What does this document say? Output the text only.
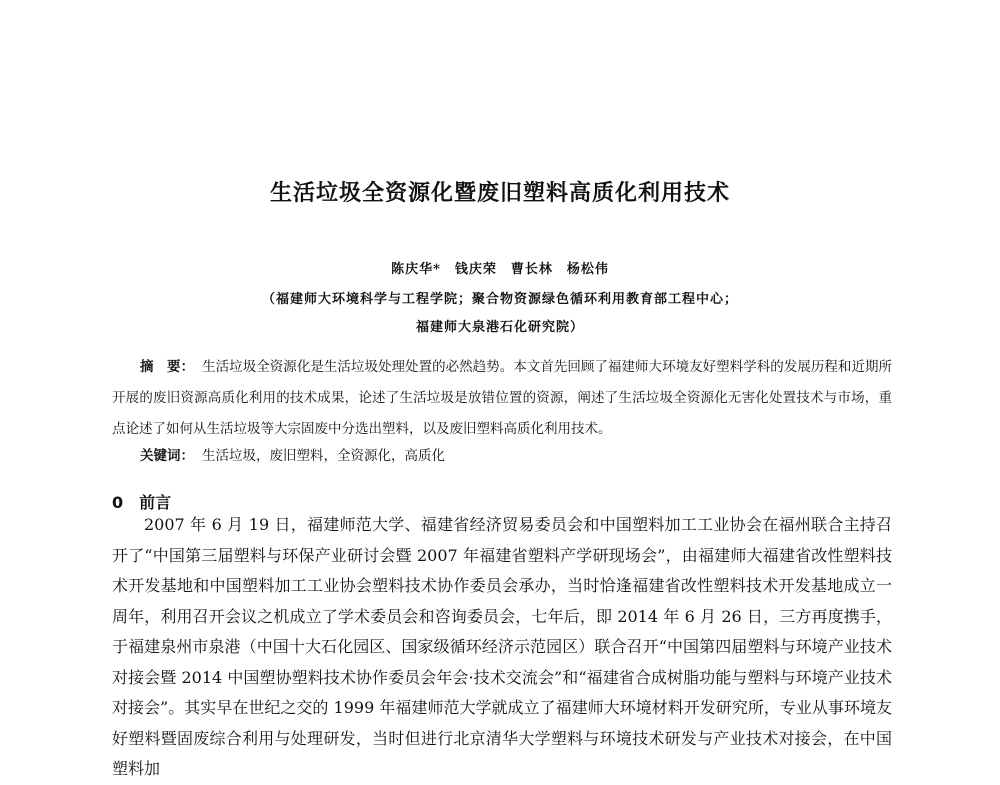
生活垃圾全资源化暨废旧塑料高质化利用技术
陈庆华*　钱庆荣　曹长林　杨松伟
（福建师大环境科学与工程学院；聚合物资源绿色循环利用教育部工程中心；
福建师大泉港石化研究院）
摘　要： 生活垃圾全资源化是生活垃圾处理处置的必然趋势。本文首先回顾了福建师大环境友好塑料学科的发展历程和近期所开展的废旧资源高质化利用的技术成果，论述了生活垃圾是放错位置的资源，阐述了生活垃圾全资源化无害化处置技术与市场，重点论述了如何从生活垃圾等大宗固废中分选出塑料，以及废旧塑料高质化利用技术。
关键词： 生活垃圾，废旧塑料，全资源化，高质化
0　前言
2007 年 6 月 19 日，福建师范大学、福建省经济贸易委员会和中国塑料加工工业协会在福州联合主持召开了“中国第三届塑料与环保产业研讨会暨 2007 年福建省塑料产学研现场会”，由福建师大福建省改性塑料技术开发基地和中国塑料加工工业协会塑料技术协作委员会承办，当时恰逢福建省改性塑料技术开发基地成立一周年，利用召开会议之机成立了学术委员会和咨询委员会，七年后，即 2014 年 6 月 26 日，三方再度携手，于福建泉州市泉港（中国十大石化园区、国家级循环经济示范园区）联合召开“中国第四届塑料与环境产业技术对接会暨 2014 中国塑协塑料技术协作委员会年会·技术交流会”和“福建省合成树脂功能与塑料与环境产业技术对接会”。其实早在世纪之交的 1999 年福建师范大学就成立了福建师大环境材料开发研究所，专业从事环境友好塑料暨固废综合利用与处理研发，当时但进行北京清华大学塑料与环境技术研发与产业技术对接会，在中国塑料加
